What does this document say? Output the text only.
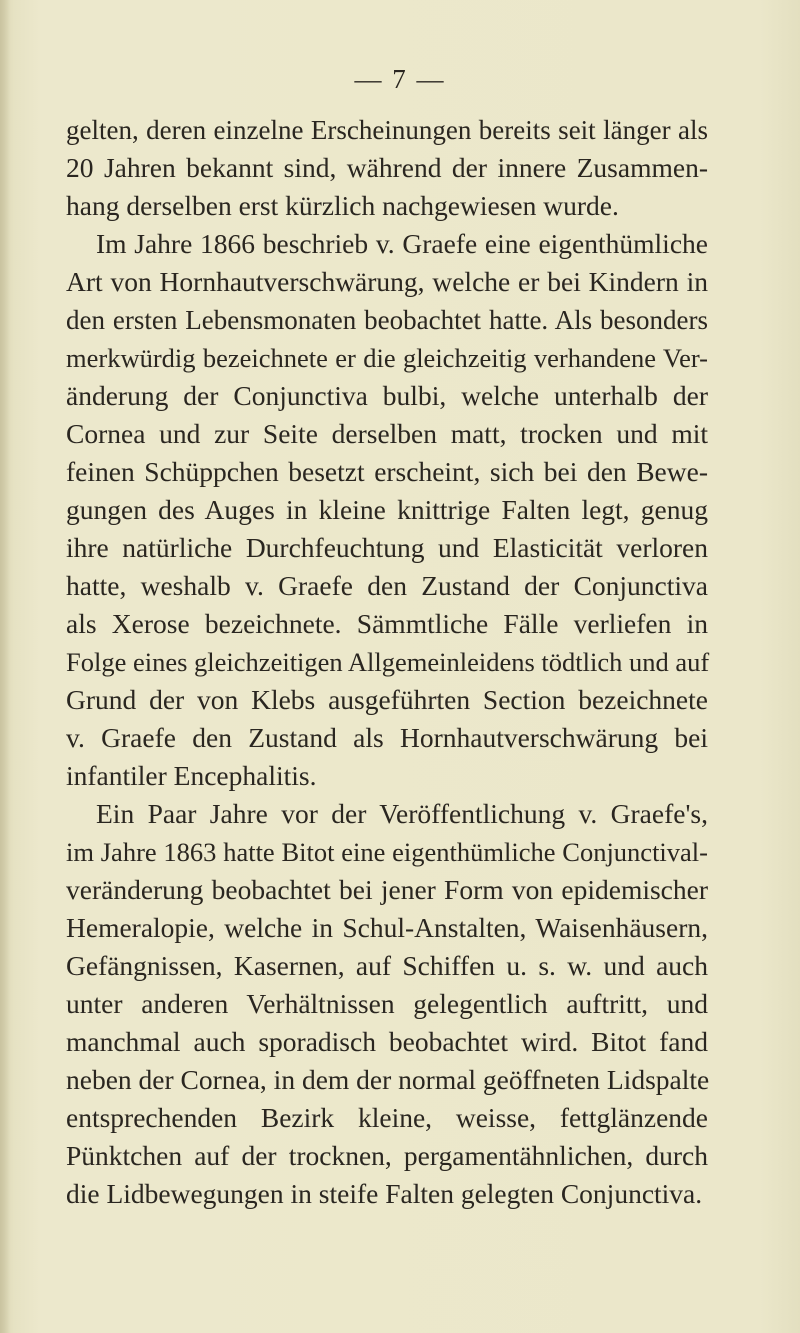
— 7 —
gelten, deren einzelne Erscheinungen bereits seit länger als
20 Jahren bekannt sind, während der innere Zusammen-
hang derselben erst kürzlich nachgewiesen wurde.
Im Jahre 1866 beschrieb v. Graefe eine eigenthümliche
Art von Hornhautverschwärung, welche er bei Kindern in
den ersten Lebensmonaten beobachtet hatte. Als besonders
merkwürdig bezeichnete er die gleichzeitig verhandene Ver-
änderung der Conjunctiva bulbi, welche unterhalb der
Cornea und zur Seite derselben matt, trocken und mit
feinen Schüppchen besetzt erscheint, sich bei den Bewe-
gungen des Auges in kleine knittrige Falten legt, genug
ihre natürliche Durchfeuchtung und Elasticität verloren
hatte, weshalb v. Graefe den Zustand der Conjunctiva
als Xerose bezeichnete. Sämmtliche Fälle verliefen in
Folge eines gleichzeitigen Allgemeinleidens tödtlich und auf
Grund der von Klebs ausgeführten Section bezeichnete
v. Graefe den Zustand als Hornhautverschwärung bei
infantiler Encephalitis.
Ein Paar Jahre vor der Veröffentlichung v. Graefe's,
im Jahre 1863 hatte Bitot eine eigenthümliche Conjunctival-
veränderung beobachtet bei jener Form von epidemischer
Hemeralopie, welche in Schul-Anstalten, Waisenhäusern,
Gefängnissen, Kasernen, auf Schiffen u. s. w. und auch
unter anderen Verhältnissen gelegentlich auftritt, und
manchmal auch sporadisch beobachtet wird. Bitot fand
neben der Cornea, in dem der normal geöffneten Lidspalte
entsprechenden Bezirk kleine, weisse, fettglänzende
Pünktchen auf der trocknen, pergamentähnlichen, durch
die Lidbewegungen in steife Falten gelegten Conjunctiva.
